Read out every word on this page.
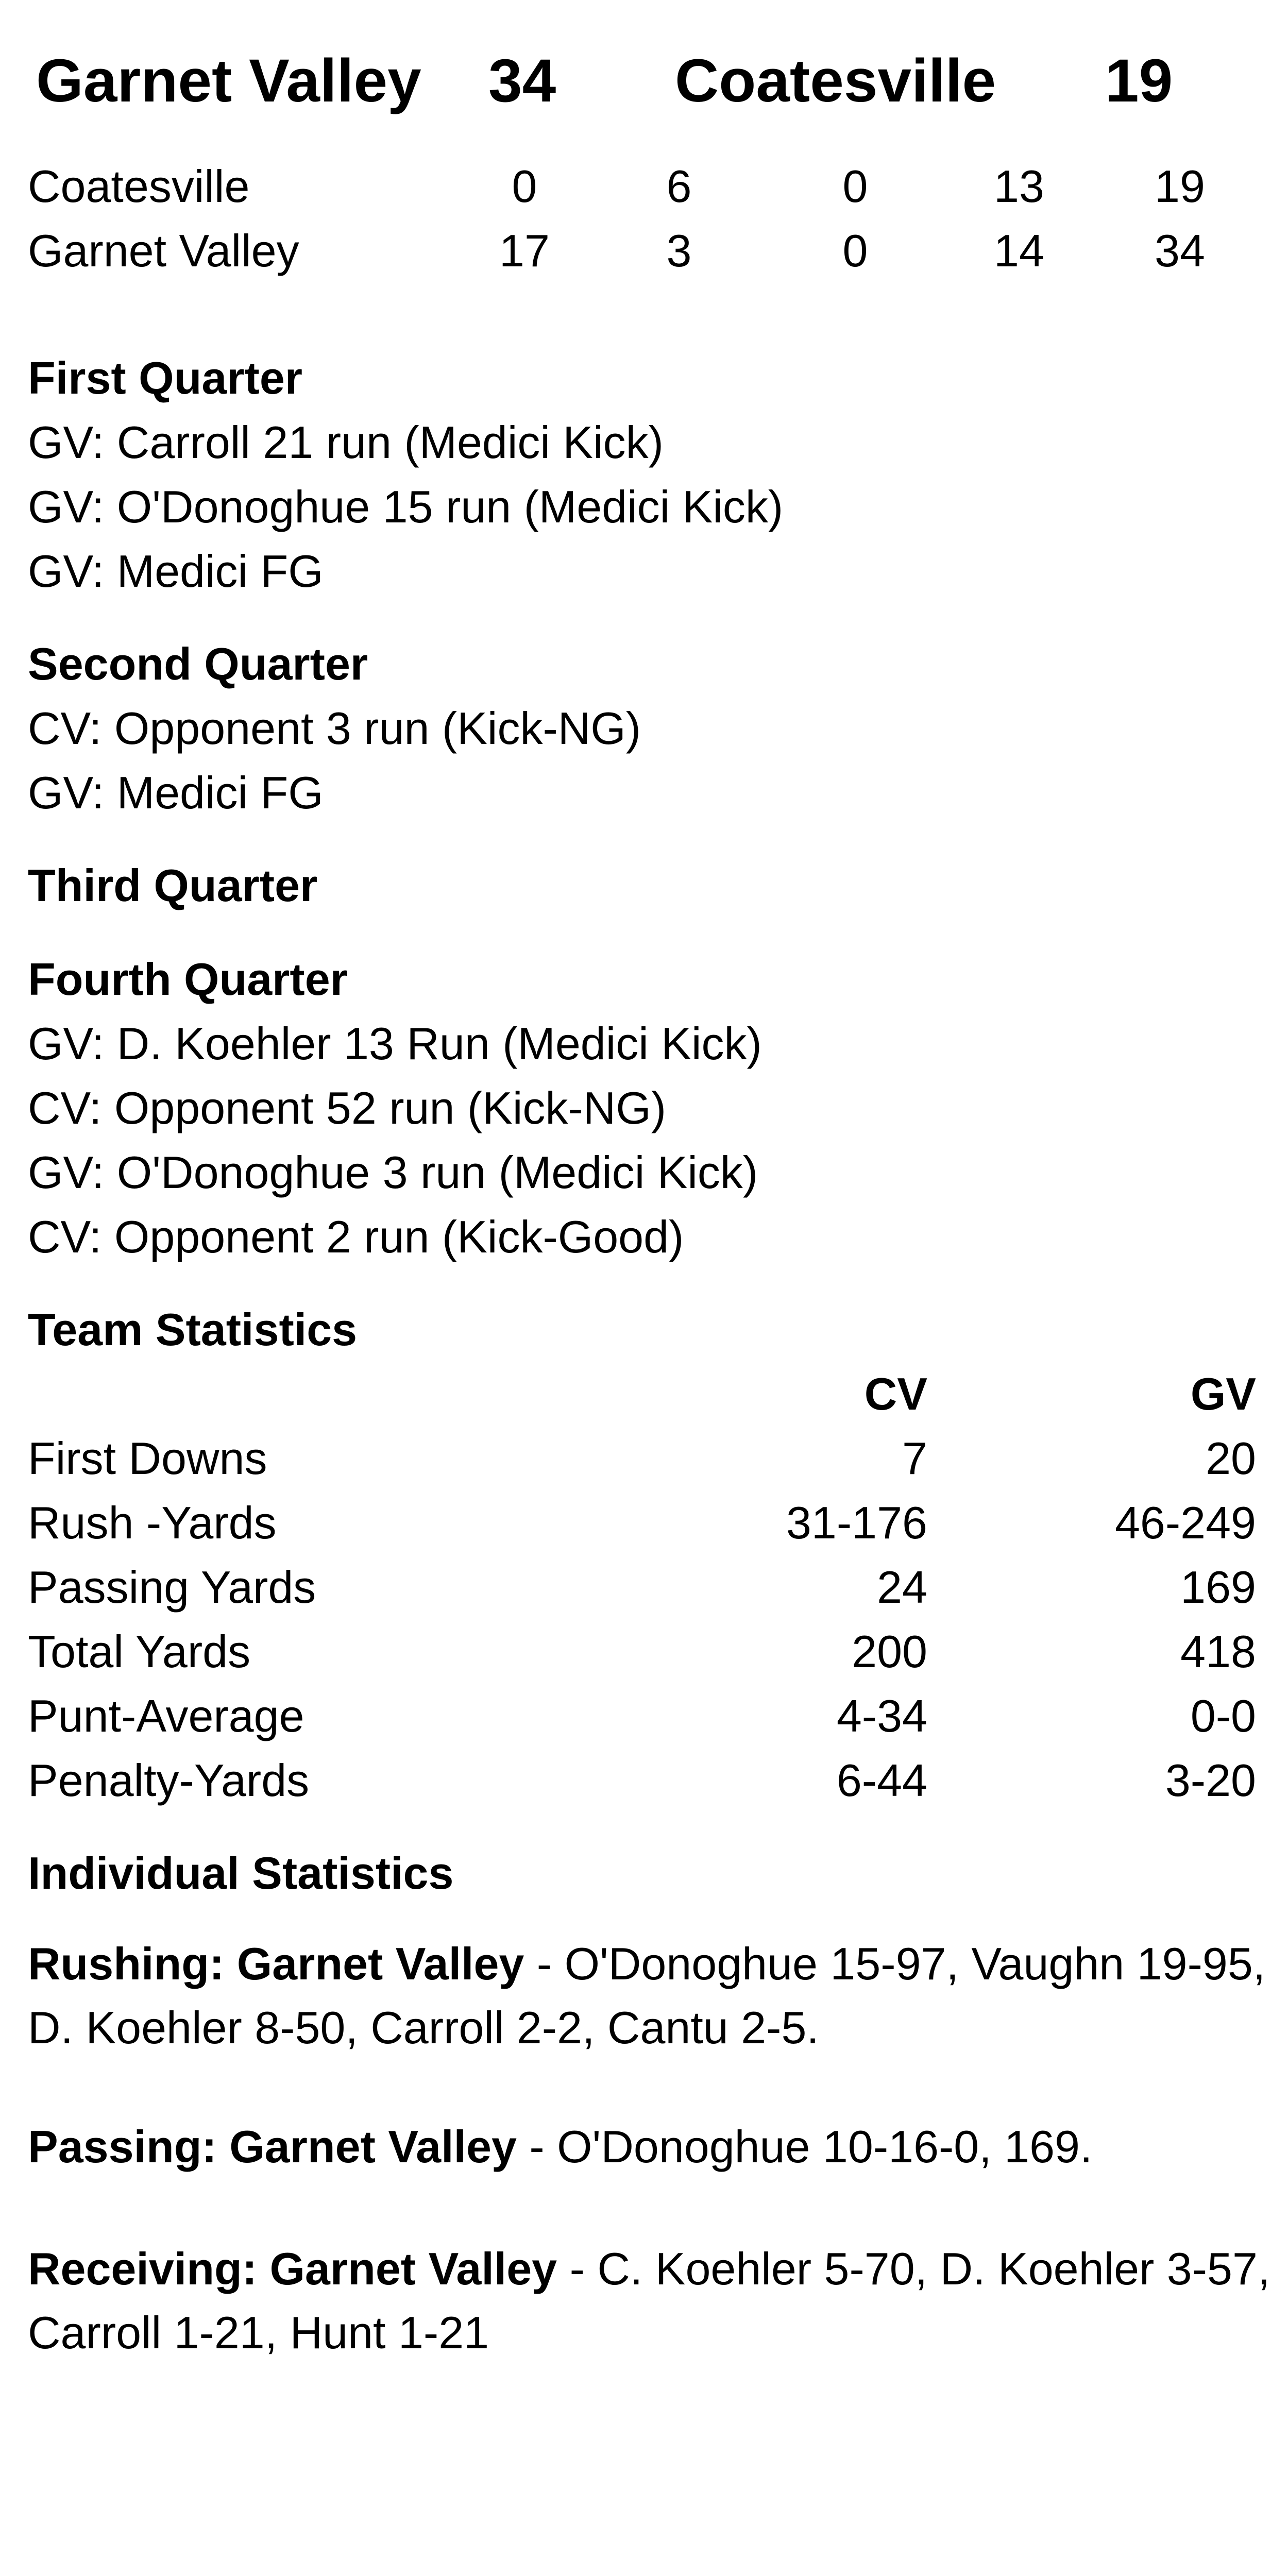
Garnet Valley 34 Coatesville 19
Coatesville	0	6	0	13	19
Garnet Valley	17	3	0	14	34
First Quarter
GV: Carroll 21 run (Medici Kick)
GV: O'Donoghue 15 run (Medici Kick)
GV: Medici FG
Second Quarter
CV: Opponent 3 run (Kick-NG)
GV: Medici FG
Third Quarter
Fourth Quarter
GV: D. Koehler 13 Run (Medici Kick)
CV: Opponent 52 run (Kick-NG)
GV: O'Donoghue 3 run (Medici Kick)
CV: Opponent 2 run (Kick-Good)
Team Statistics
CV	GV
First Downs	7	20
Rush -Yards	31-176	46-249
Passing Yards	24	169
Total Yards	200	418
Punt-Average	4-34	0-0
Penalty-Yards	6-44	3-20
Individual Statistics
Rushing: Garnet Valley - O'Donoghue 15-97, Vaughn 19-95, D. Koehler 8-50, Carroll 2-2, Cantu 2-5.
Passing: Garnet Valley - O'Donoghue 10-16-0, 169.
Receiving: Garnet Valley - C. Koehler 5-70, D. Koehler 3-57, Carroll 1-21, Hunt 1-21
